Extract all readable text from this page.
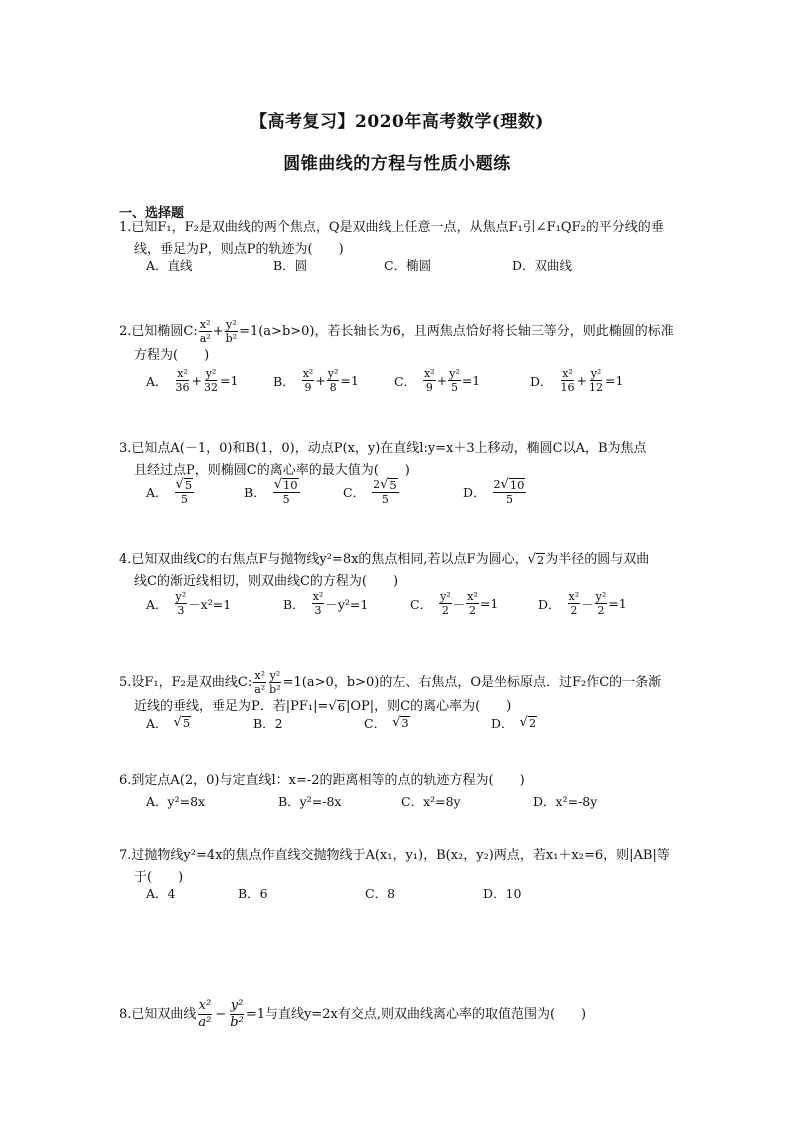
【高考复习】2020年高考数学(理数)
圆锥曲线的方程与性质小题练
一、选择题
1.已知F₁，F₂是双曲线的两个焦点，Q是双曲线上任意一点，从焦点F₁引∠F₁QF₂的平分线的垂
线，垂足为P，则点P的轨迹为(　　)
A．直线	B．圆	C．椭圆	D．双曲线
2.已知椭圆C: $\frac{\text{x²}}{\text{a²}} + \frac{\text{y²}}{\text{b²}} =1(a>b>0)$，若长轴长为6，且两焦点恰好将长轴三等分，则此椭圆的标准
方程为(　　)
A． $\frac{\text{x²}}{36} + \frac{\text{y²}}{32} =1$	B． $\frac{\text{x²}}{9} + \frac{\text{y²}}{8} =1$	C． $\frac{\text{x²}}{9} + \frac{\text{y²}}{5} =1$	D． $\frac{\text{x²}}{16} + \frac{\text{y²}}{12} =1$
3.已知点A(－1，0)和B(1，0)，动点P(x，y)在直线l:y=x＋3上移动，椭圆C以A，B为焦点
且经过点P，则椭圆C的离心率的最大值为(　　)
A． $\frac{√ 5}{5}$	B． $\frac{√ 10}{5}$	C． $\frac{2 √ 5}{5}$	D． $\frac{2 √ 10}{5}$
4.已知双曲线C的右焦点F与抛物线y²=8x的焦点相同,若以点F为圆心， √ 2 为半径的圆与双曲
线C的渐近线相切，则双曲线C的方程为(　　)
A． $\frac{\text{y²}}{3} -x^2=1$	B． $\frac{\text{x²}}{3} -y^2=1$	C． $\frac{\text{y²}}{2} - \frac{\text{x²}}{2} =1$	D． $\frac{\text{x²}}{2} - \frac{\text{y²}}{2} =1$
5.设F₁，F₂是双曲线C: $\frac{\text{x²}}{\text{a²}} \frac{\text{y²}}{\text{b²}} =1(a>0$，b>0)的左、右焦点，O是坐标原点．过F₂作C的一条渐
近线的垂线，垂足为P．若|PF₁|= √ 6 |OP|，则C的离心率为(　　)
A． √ 5	B．2	C． √ 3	D． √ 2
6.到定点A(2，0)与定直线l：x=-2的距离相等的点的轨迹方程为(　　)
A．y²=8x	B．y²=-8x	C．x²=8y	D．x²=-8y
7.过抛物线y²=4x的焦点作直线交抛物线于A(x₁，y₁)，B(x₂，y₂)两点，若x₁＋x₂=6，则|AB|等
于(　　)
A．4	B．6	C．8	D．10
8.已知双曲线 $\frac{\text{x²}}{\text{a²}} - \frac{\text{y²}}{\text{b²}} =1$与直线y=2x有交点,则双曲线离心率的取值范围为(　　)
